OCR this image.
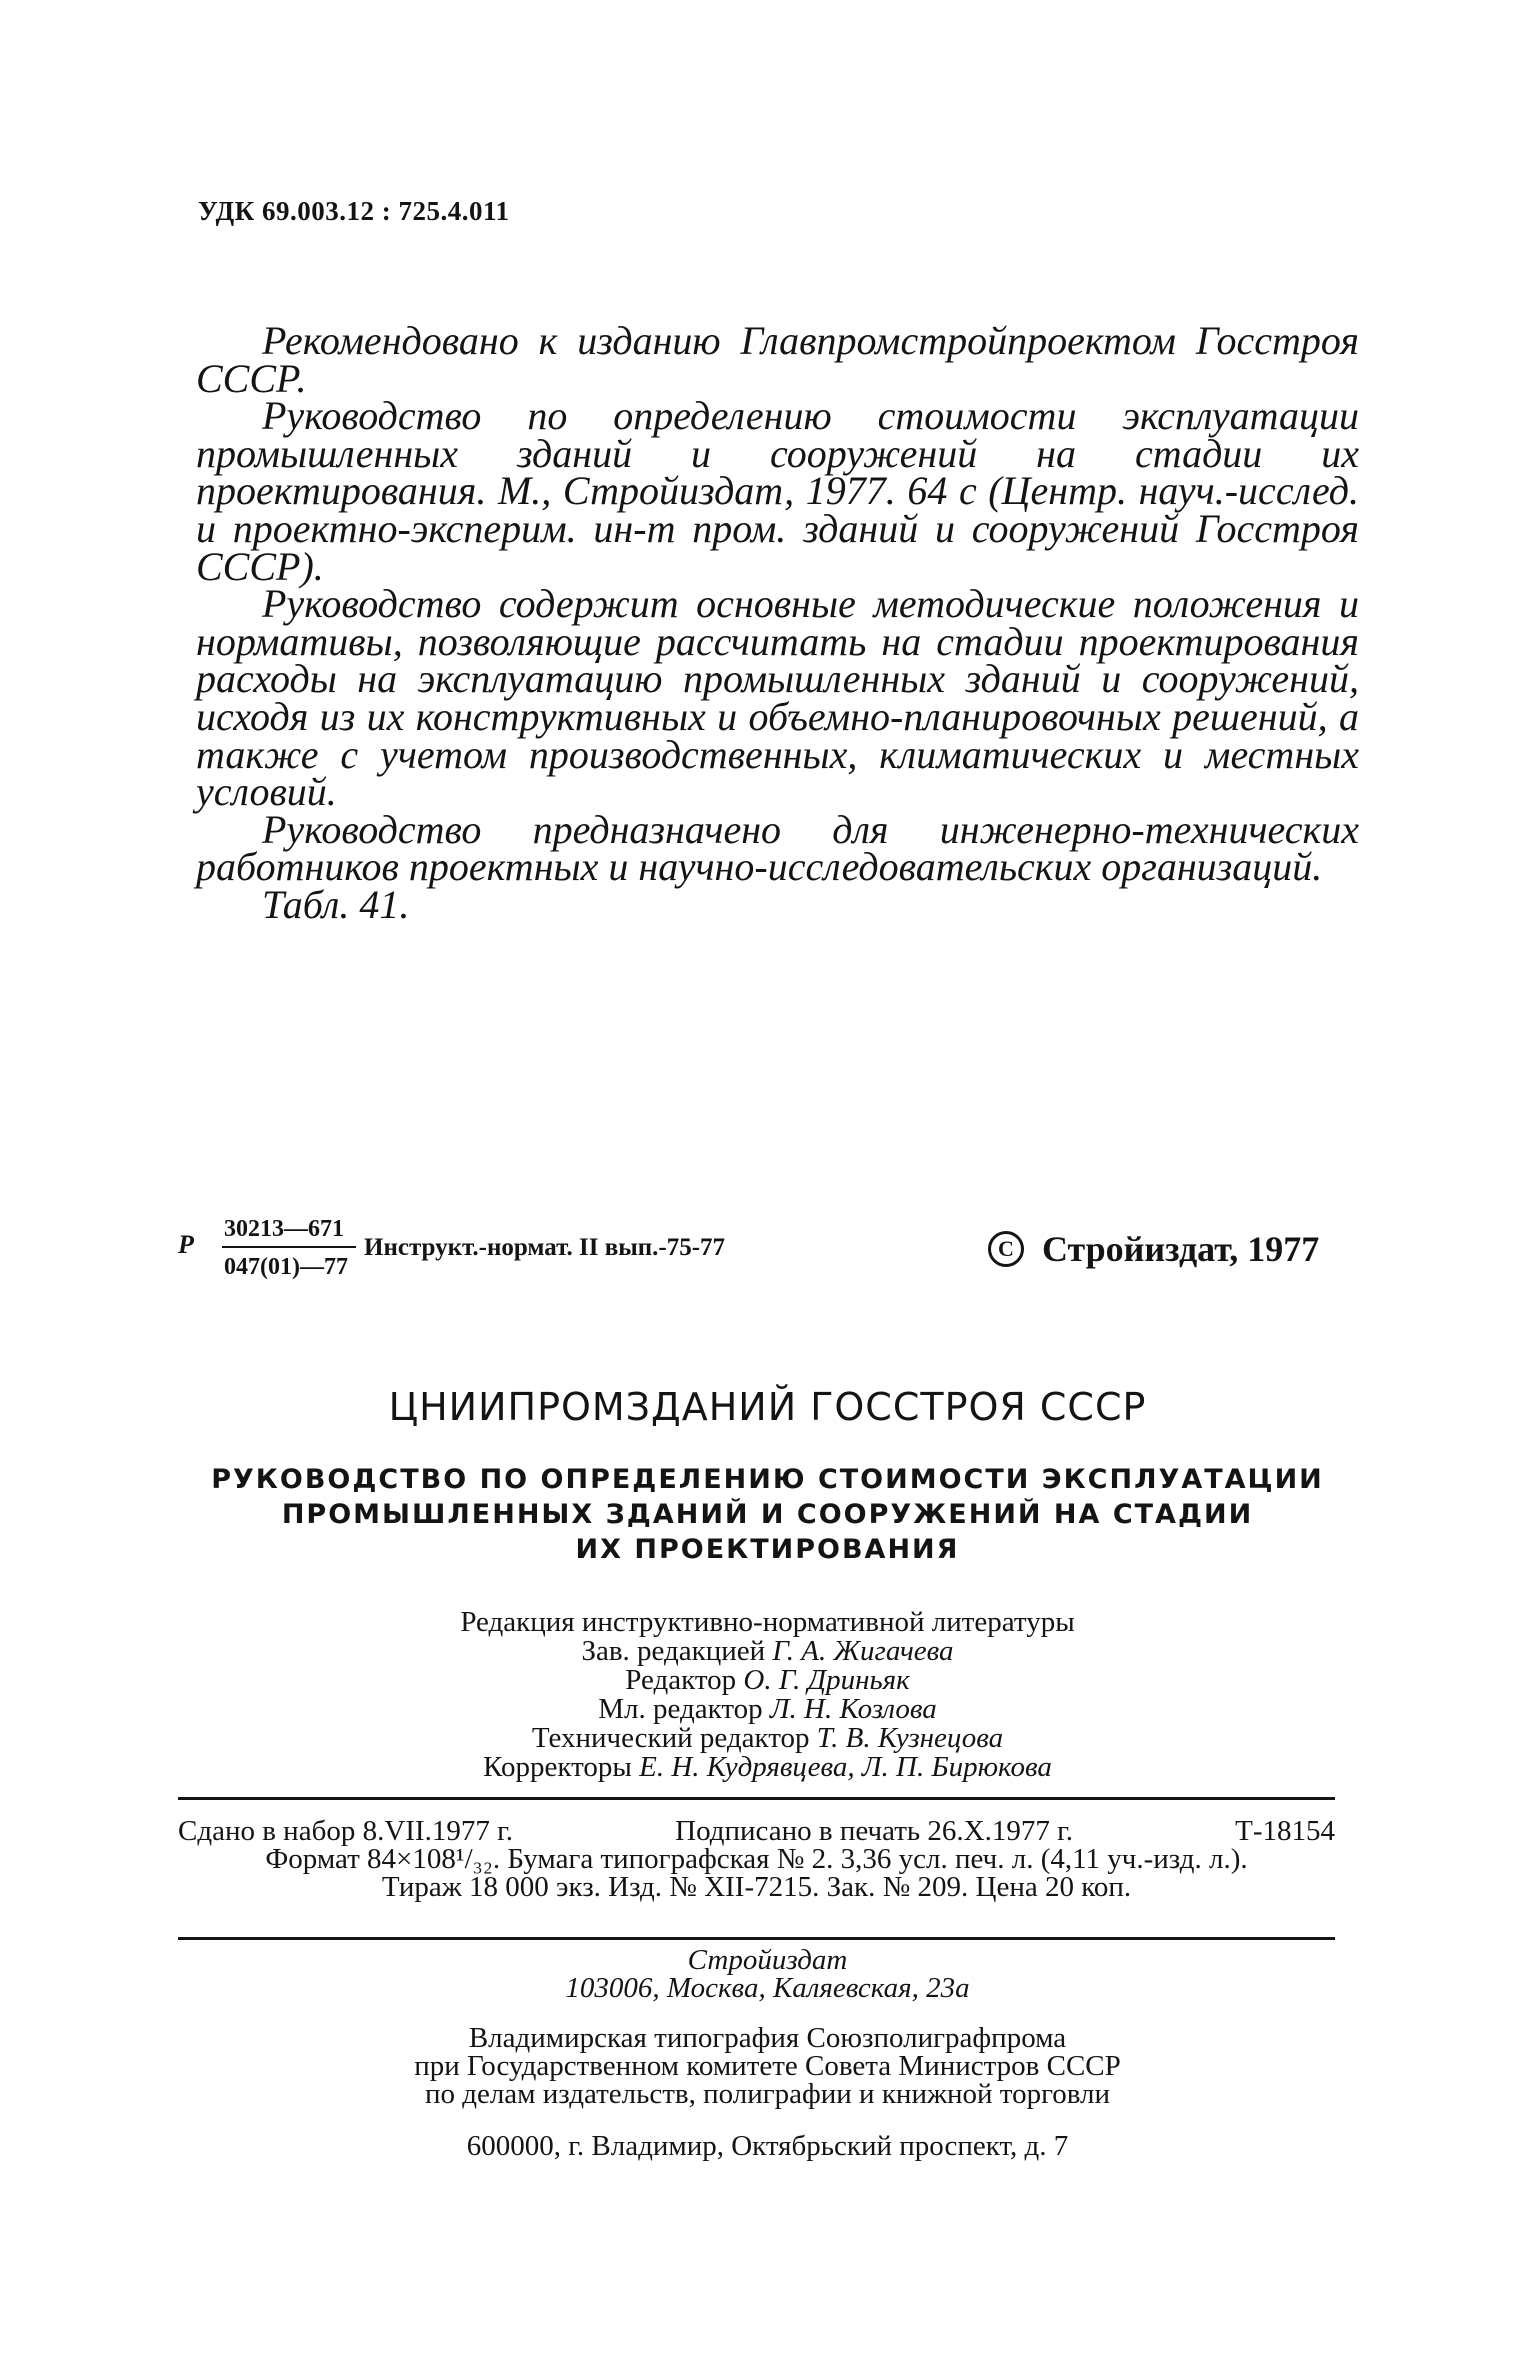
УДК 69.003.12 : 725.4.011

Рекомендовано к изданию Главпромстройпроектом Госстроя СССР.

Руководство по определению стоимости эксплуатации промышленных зданий и сооружений на стадии их проектирования. М., Стройиздат, 1977. 64 с (Центр. науч.-исслед. и проектно-эксперим. ин-т пром. зданий и сооружений Госстроя СССР).

Руководство содержит основные методические положения и нормативы, позволяющие рассчитать на стадии проектирования расходы на эксплуатацию промышленных зданий и сооружений, исходя из их конструктивных и объемно-планировочных решений, а также с учетом производственных, климатических и местных условий.

Руководство предназначено для инженерно-технических работников проектных и научно-исследовательских организаций.

Табл. 41.

Р
30213—671
047(01)—77
Инструкт.-нормат. II вып.-75-77	C Стройиздат, 1977
ЦНИИПРОМЗДАНИЙ ГОССТРОЯ СССР
РУКОВОДСТВО ПО ОПРЕДЕЛЕНИЮ СТОИМОСТИ ЭКСПЛУАТАЦИИ
ПРОМЫШЛЕННЫХ ЗДАНИЙ И СООРУЖЕНИЙ НА СТАДИИ
ИХ ПРОЕКТИРОВАНИЯ
Редакция инструктивно-нормативной литературы
Зав. редакцией Г. А. Жигачева
Редактор О. Г. Дриньяк
Мл. редактор Л. Н. Козлова
Технический редактор Т. В. Кузнецова
Корректоры Е. Н. Кудрявцева, Л. П. Бирюкова
Сдано в набор 8.VII.1977 г.	Подписано в печать 26.X.1977 г.	Т-18154
Формат 84×108¹/₃₂. Бумага типографская № 2. 3,36 усл. печ. л. (4,11 уч.-изд. л.).
Тираж 18 000 экз. Изд. № XII-7215. Зак. № 209. Цена 20 коп.
Стройиздат
103006, Москва, Каляевская, 23а
Владимирская типография Союзполиграфпрома
при Государственном комитете Совета Министров СССР
по делам издательств, полиграфии и книжной торговли
600000, г. Владимир, Октябрьский проспект, д. 7
